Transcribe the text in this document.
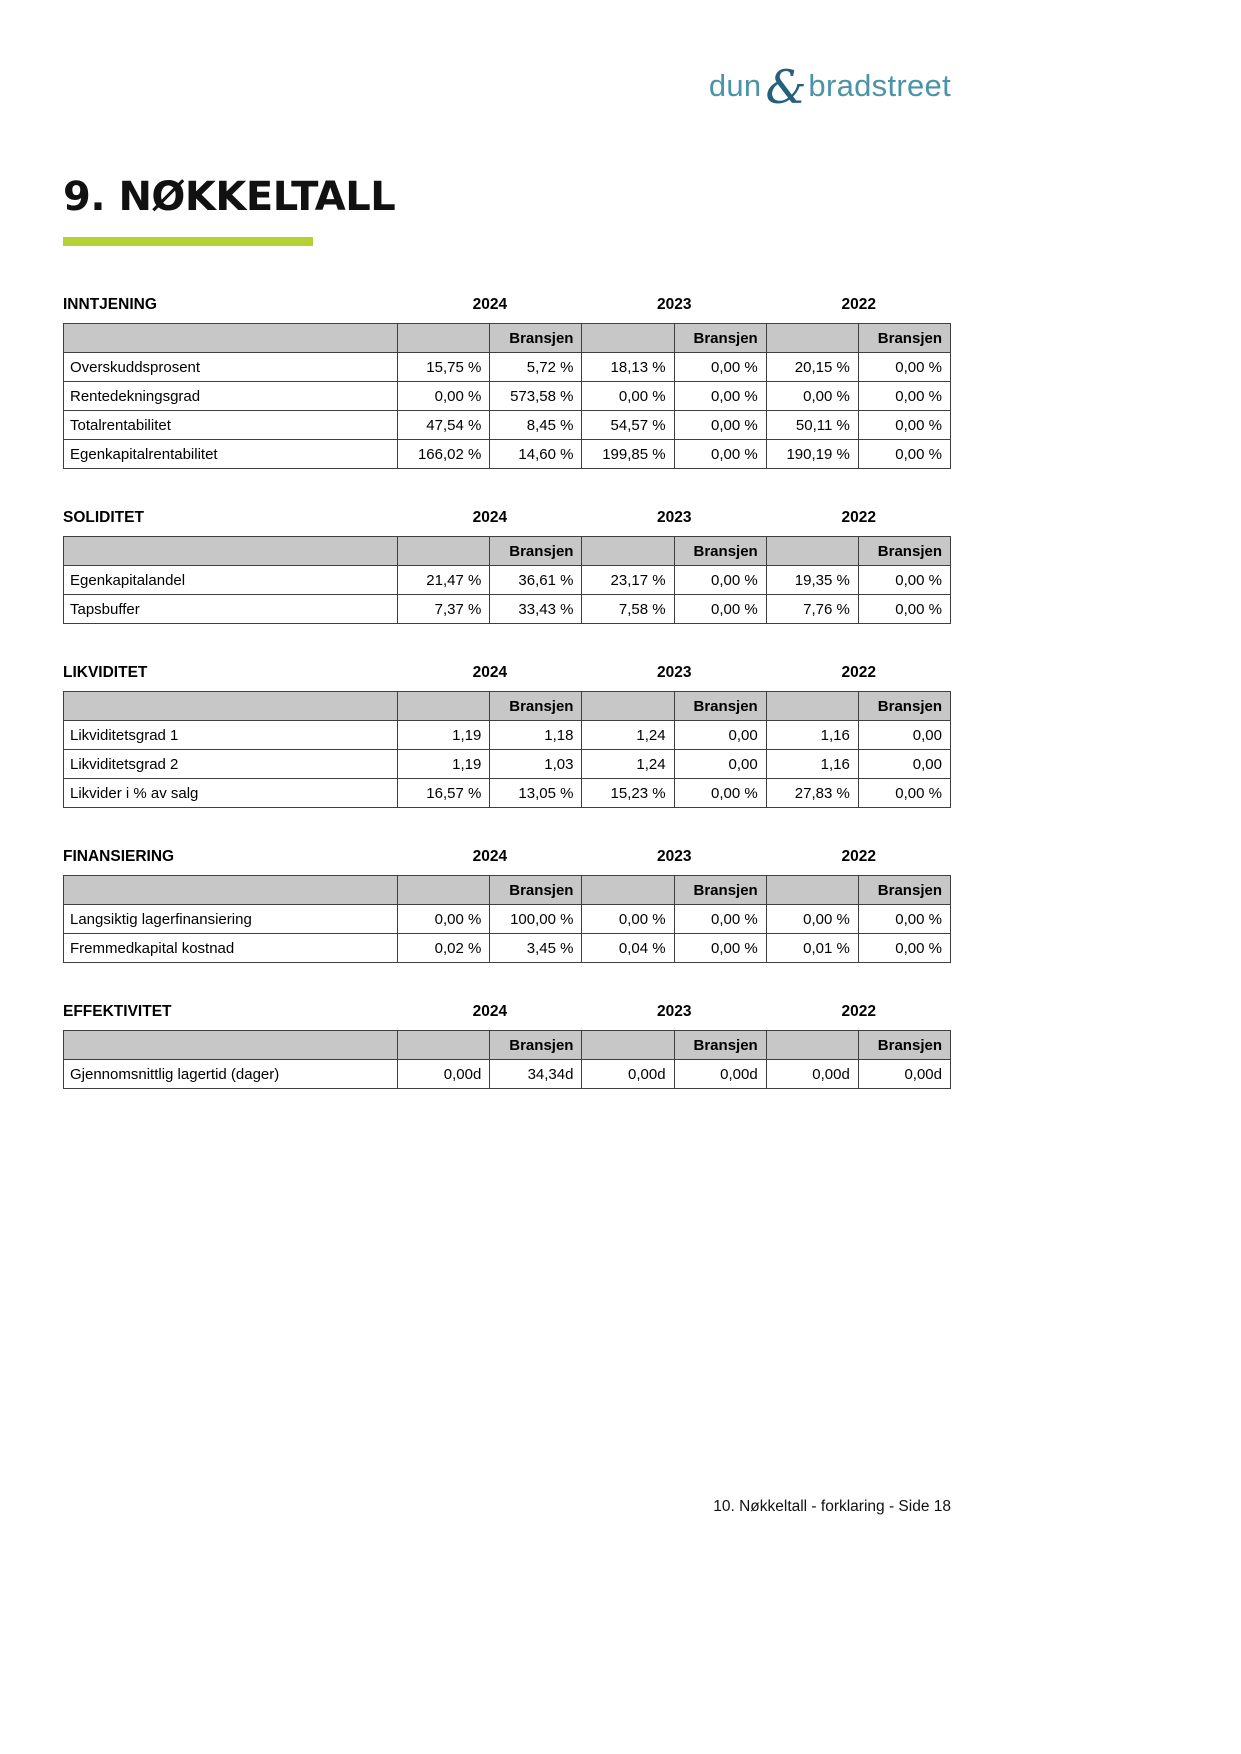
dun&bradstreet
9. NØKKELTALL
INNTJENING	2024	2023	2022
		Bransjen		Bransjen		Bransjen
Overskuddsprosent	15,75 %	5,72 %	18,13 %	0,00 %	20,15 %	0,00 %
Rentedekningsgrad	0,00 %	573,58 %	0,00 %	0,00 %	0,00 %	0,00 %
Totalrentabilitet	47,54 %	8,45 %	54,57 %	0,00 %	50,11 %	0,00 %
Egenkapitalrentabilitet	166,02 %	14,60 %	199,85 %	0,00 %	190,19 %	0,00 %
SOLIDITET	2024	2023	2022
		Bransjen		Bransjen		Bransjen
Egenkapitalandel	21,47 %	36,61 %	23,17 %	0,00 %	19,35 %	0,00 %
Tapsbuffer	7,37 %	33,43 %	7,58 %	0,00 %	7,76 %	0,00 %
LIKVIDITET	2024	2023	2022
		Bransjen		Bransjen		Bransjen
Likviditetsgrad 1	1,19	1,18	1,24	0,00	1,16	0,00
Likviditetsgrad 2	1,19	1,03	1,24	0,00	1,16	0,00
Likvider i % av salg	16,57 %	13,05 %	15,23 %	0,00 %	27,83 %	0,00 %
FINANSIERING	2024	2023	2022
		Bransjen		Bransjen		Bransjen
Langsiktig lagerfinansiering	0,00 %	100,00 %	0,00 %	0,00 %	0,00 %	0,00 %
Fremmedkapital kostnad	0,02 %	3,45 %	0,04 %	0,00 %	0,01 %	0,00 %
EFFEKTIVITET	2024	2023	2022
		Bransjen		Bransjen		Bransjen
Gjennomsnittlig lagertid (dager)	0,00d	34,34d	0,00d	0,00d	0,00d	0,00d
10. Nøkkeltall - forklaring - Side 18
